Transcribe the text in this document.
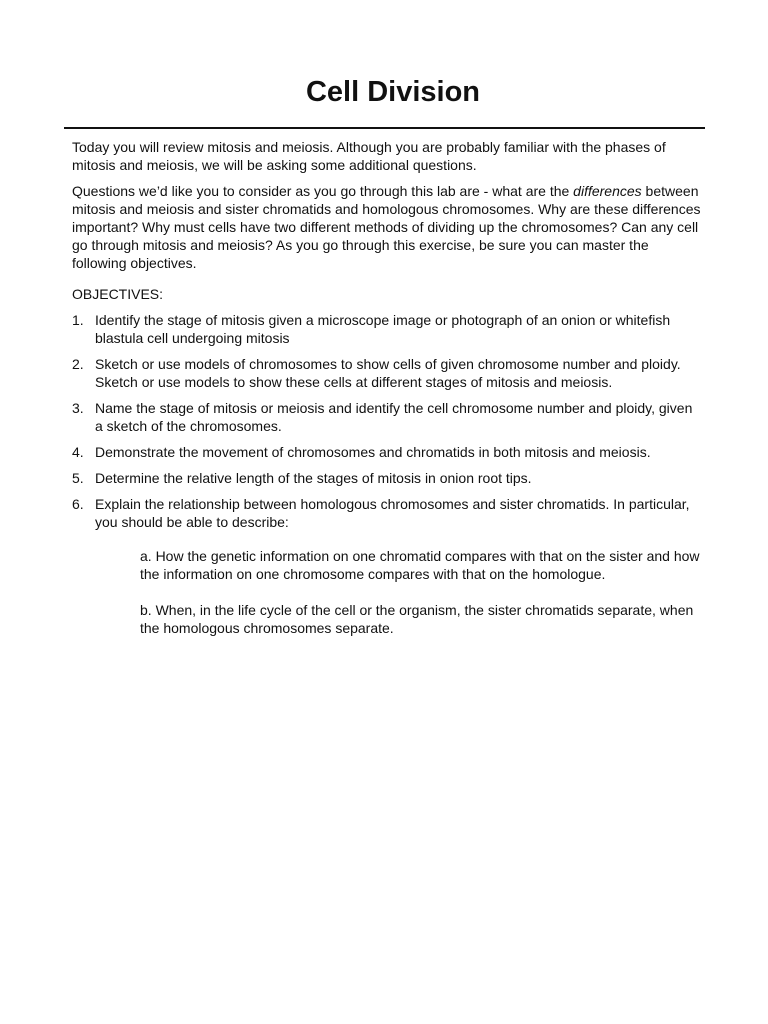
Cell Division

Today you will review mitosis and meiosis. Although you are probably familiar with the phases of mitosis and meiosis, we will be asking some additional questions.

Questions we’d like you to consider as you go through this lab are - what are the differences between mitosis and meiosis and sister chromatids and homologous chromosomes. Why are these differences important? Why must cells have two different methods of dividing up the chromosomes? Can any cell go through mitosis and meiosis? As you go through this exercise, be sure you can master the following objectives.

OBJECTIVES:

1. Identify the stage of mitosis given a microscope image or photograph of an onion or whitefish blastula cell undergoing mitosis
2. Sketch or use models of chromosomes to show cells of given chromosome number and ploidy. Sketch or use models to show these cells at different stages of mitosis and meiosis.
3. Name the stage of mitosis or meiosis and identify the cell chromosome number and ploidy, given a sketch of the chromosomes.
4. Demonstrate the movement of chromosomes and chromatids in both mitosis and meiosis.
5. Determine the relative length of the stages of mitosis in onion root tips.
6. Explain the relationship between homologous chromosomes and sister chromatids. In particular, you should be able to describe:

a. How the genetic information on one chromatid compares with that on the sister and how the information on one chromosome compares with that on the homologue.

b. When, in the life cycle of the cell or the organism, the sister chromatids separate, when the homologous chromosomes separate.
